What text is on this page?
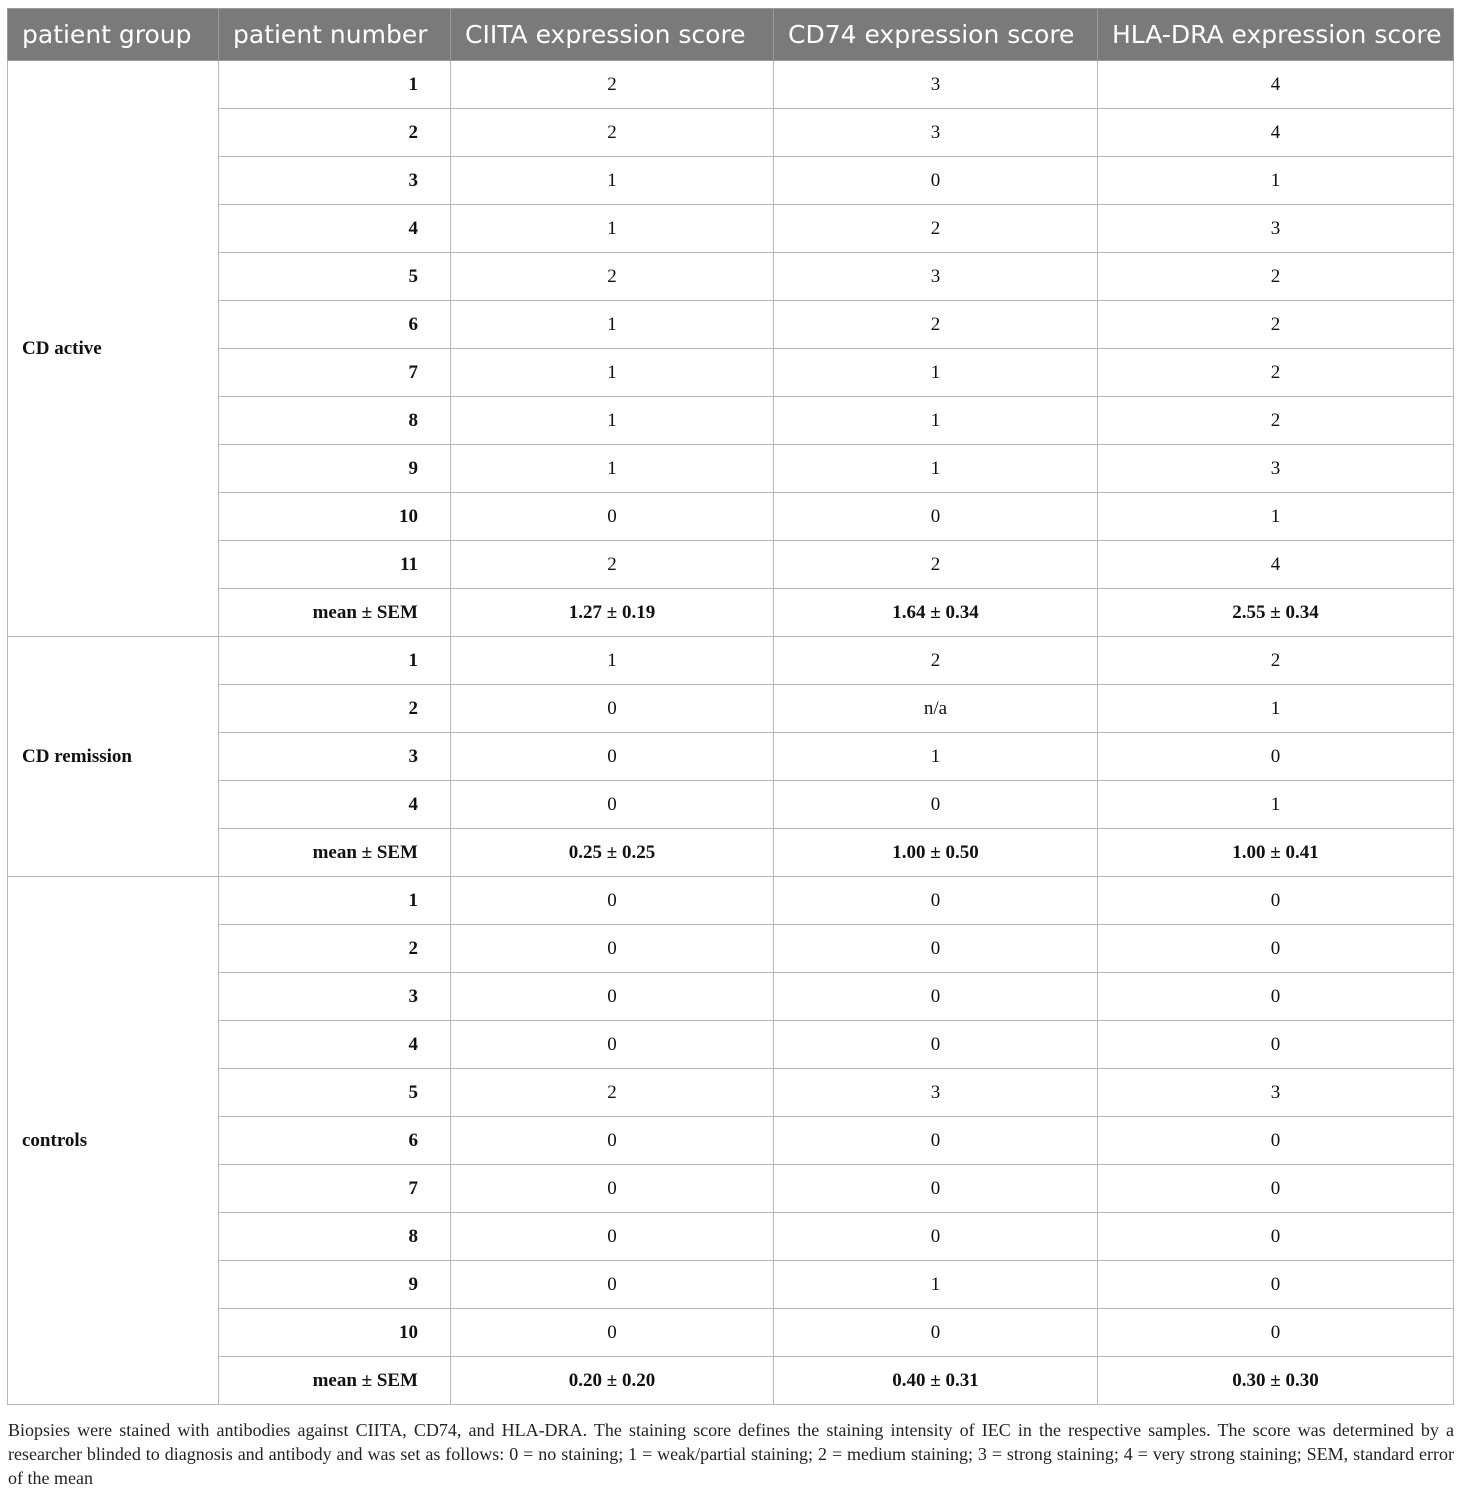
patient group	patient number	CIITA expression score	CD74 expression score	HLA-DRA expression score
CD active	1	2	3	4
	2	2	3	4
	3	1	0	1
	4	1	2	3
	5	2	3	2
	6	1	2	2
	7	1	1	2
	8	1	1	2
	9	1	1	3
	10	0	0	1
	11	2	2	4
	mean ± SEM	1.27 ± 0.19	1.64 ± 0.34	2.55 ± 0.34
CD remission	1	1	2	2
	2	0	n/a	1
	3	0	1	0
	4	0	0	1
	mean ± SEM	0.25 ± 0.25	1.00 ± 0.50	1.00 ± 0.41
controls	1	0	0	0
	2	0	0	0
	3	0	0	0
	4	0	0	0
	5	2	3	3
	6	0	0	0
	7	0	0	0
	8	0	0	0
	9	0	1	0
	10	0	0	0
	mean ± SEM	0.20 ± 0.20	0.40 ± 0.31	0.30 ± 0.30

Biopsies were stained with antibodies against CIITA, CD74, and HLA-DRA. The staining score defines the staining intensity of IEC in the respective samples. The score was determined by a researcher blinded to diagnosis and antibody and was set as follows: 0 = no staining; 1 = weak/partial staining; 2 = medium staining; 3 = strong staining; 4 = very strong staining; SEM, standard error of the mean
